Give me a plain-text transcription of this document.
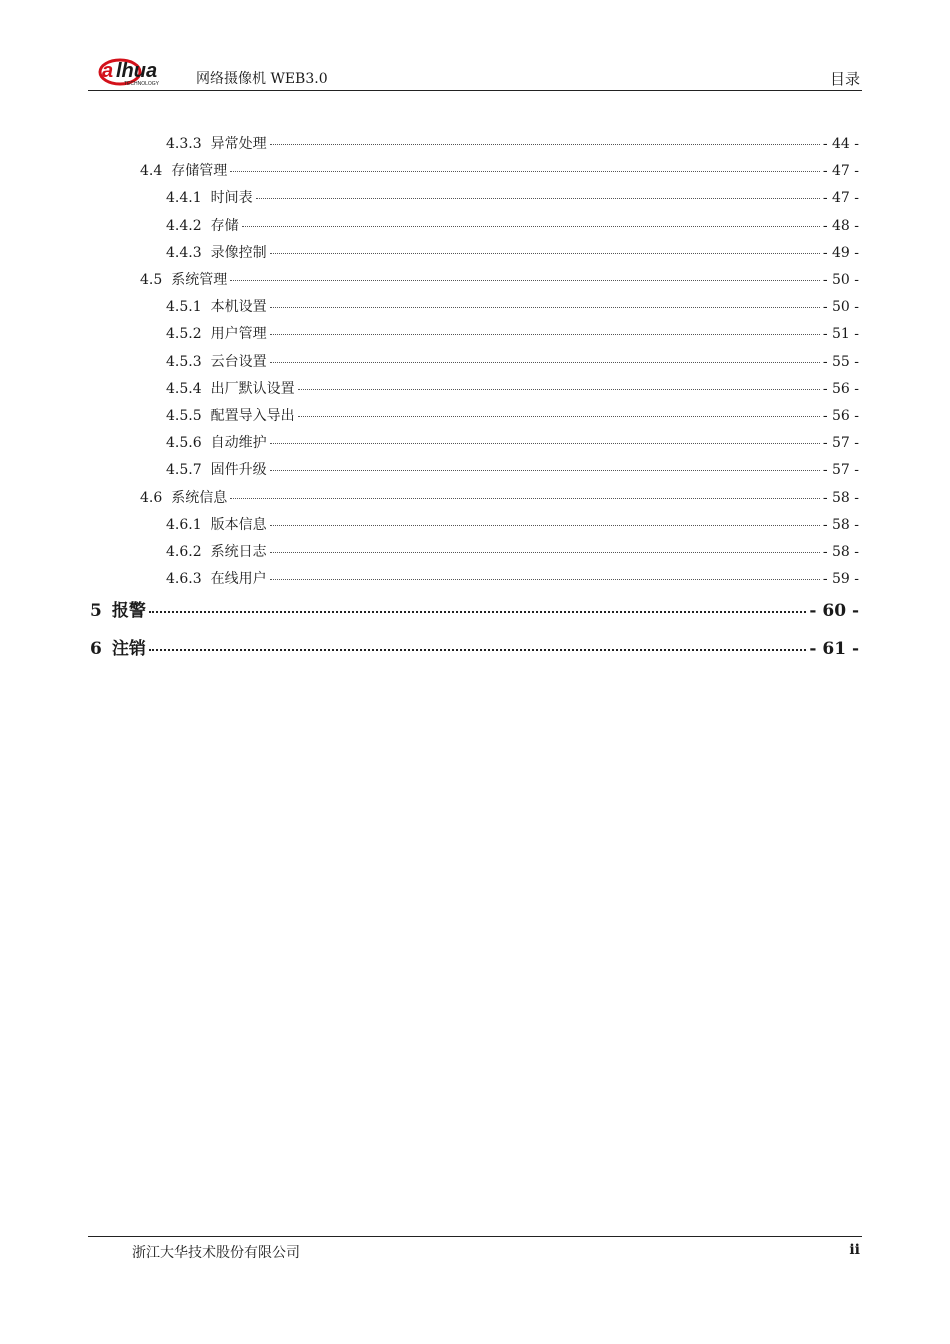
a lhua
TECHNOLOGY	网络摄像机 WEB3.0	目录
4.3.3 异常处理	- 44 -
4.4 存储管理	- 47 -
4.4.1 时间表	- 47 -
4.4.2 存储	- 48 -
4.4.3 录像控制	- 49 -
4.5 系统管理	- 50 -
4.5.1 本机设置	- 50 -
4.5.2 用户管理	- 51 -
4.5.3 云台设置	- 55 -
4.5.4 出厂默认设置	- 56 -
4.5.5 配置导入导出	- 56 -
4.5.6 自动维护	- 57 -
4.5.7 固件升级	- 57 -
4.6 系统信息	- 58 -
4.6.1 版本信息	- 58 -
4.6.2 系统日志	- 58 -
4.6.3 在线用户	- 59 -
5 报警	- 60 -
6 注销	- 61 -
浙江大华技术股份有限公司	ii
